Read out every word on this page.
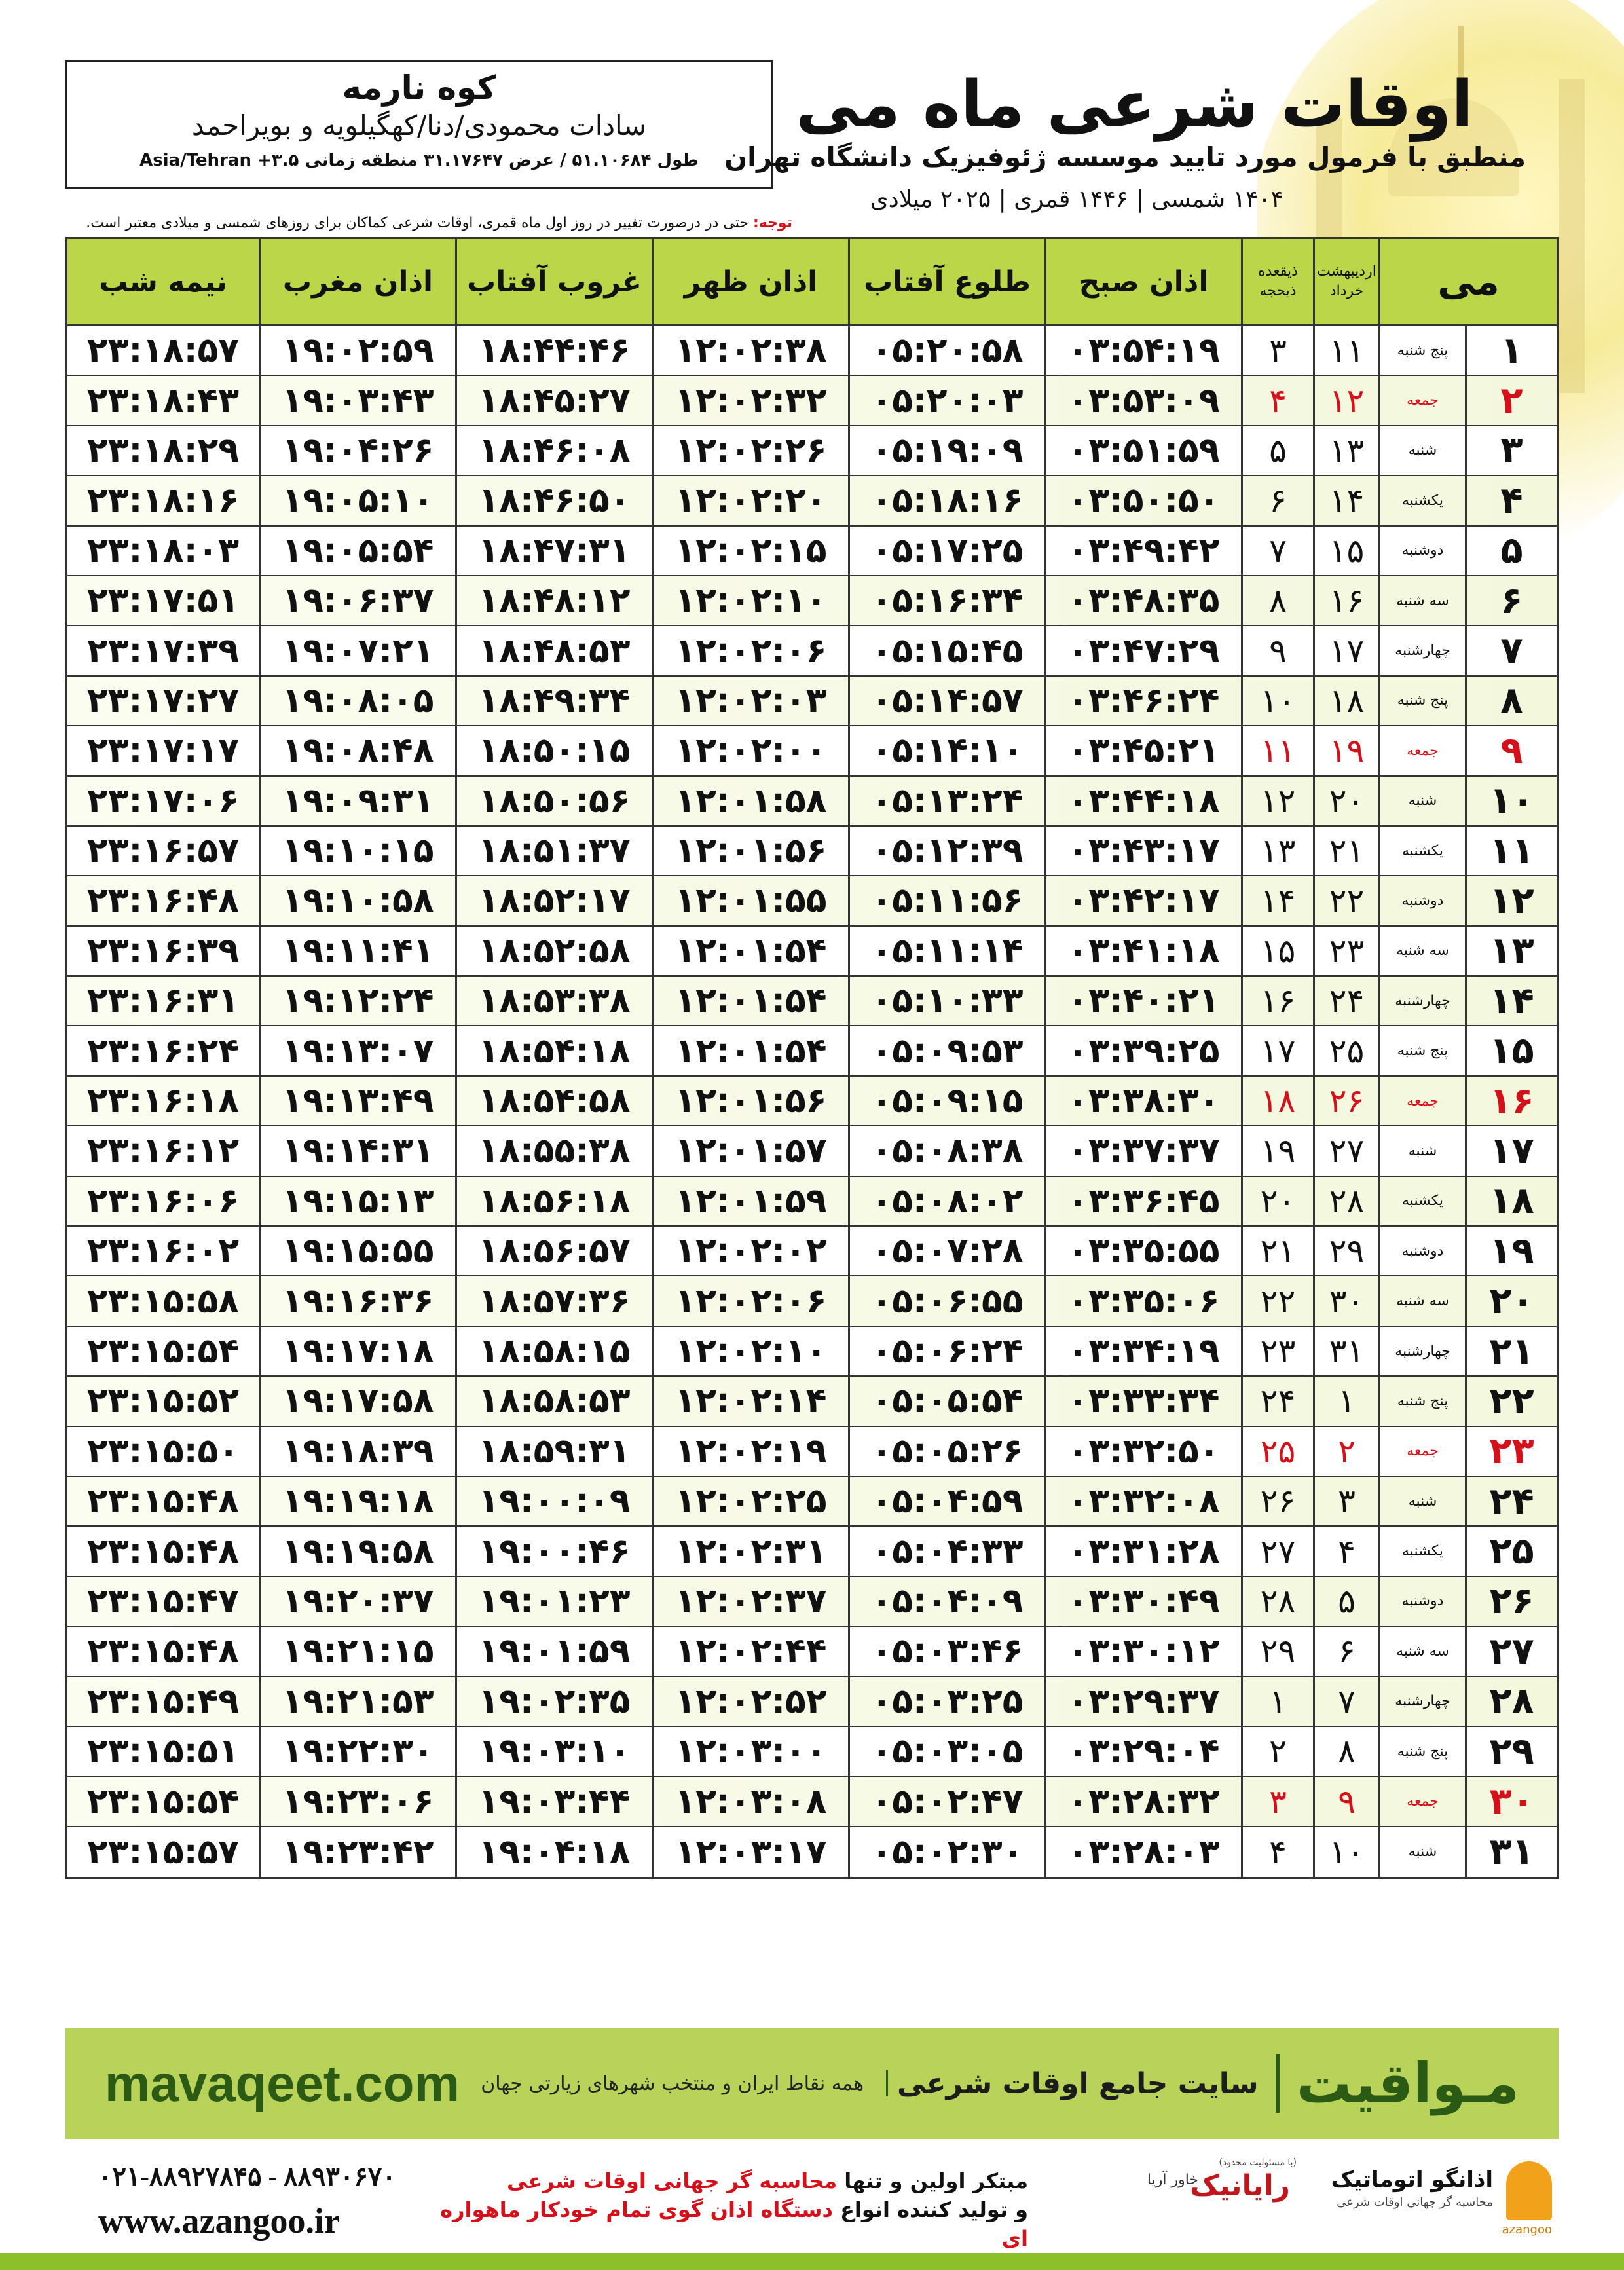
کوه نارمه
سادات محمودی/دنا/کهگیلویه و بویراحمد
طول ۵۱.۱۰۶۸۴ / عرض ۳۱.۱۷۶۴۷ منطقه زمانی Asia/Tehran +۳.۵
اوقات شرعی ماه می
منطبق با فرمول مورد تایید موسسه ژئوفیزیک دانشگاه تهران
۱۴۰۴ شمسی | ۱۴۴۶ قمری | ۲۰۲۵ میلادی
توجه: حتی در درصورت تغییر در روز اول ماه قمری، اوقات شرعی کماکان برای روزهای شمسی و میلادی معتبر است.
می
اردیبهشت
خرداد
ذیقعده
ذیحجه
اذان صبح
طلوع آفتاب
اذان ظهر
غروب آفتاب
اذان مغرب
نیمه شب
۱
پنج شنبه
۱۱
۳
۰۳:۵۴:۱۹
۰۵:۲۰:۵۸
۱۲:۰۲:۳۸
۱۸:۴۴:۴۶
۱۹:۰۲:۵۹
۲۳:۱۸:۵۷
۲
جمعه
۱۲
۴
۰۳:۵۳:۰۹
۰۵:۲۰:۰۳
۱۲:۰۲:۳۲
۱۸:۴۵:۲۷
۱۹:۰۳:۴۳
۲۳:۱۸:۴۳
۳
شنبه
۱۳
۵
۰۳:۵۱:۵۹
۰۵:۱۹:۰۹
۱۲:۰۲:۲۶
۱۸:۴۶:۰۸
۱۹:۰۴:۲۶
۲۳:۱۸:۲۹
۴
یکشنبه
۱۴
۶
۰۳:۵۰:۵۰
۰۵:۱۸:۱۶
۱۲:۰۲:۲۰
۱۸:۴۶:۵۰
۱۹:۰۵:۱۰
۲۳:۱۸:۱۶
۵
دوشنبه
۱۵
۷
۰۳:۴۹:۴۲
۰۵:۱۷:۲۵
۱۲:۰۲:۱۵
۱۸:۴۷:۳۱
۱۹:۰۵:۵۴
۲۳:۱۸:۰۳
۶
سه شنبه
۱۶
۸
۰۳:۴۸:۳۵
۰۵:۱۶:۳۴
۱۲:۰۲:۱۰
۱۸:۴۸:۱۲
۱۹:۰۶:۳۷
۲۳:۱۷:۵۱
۷
چهارشنبه
۱۷
۹
۰۳:۴۷:۲۹
۰۵:۱۵:۴۵
۱۲:۰۲:۰۶
۱۸:۴۸:۵۳
۱۹:۰۷:۲۱
۲۳:۱۷:۳۹
۸
پنج شنبه
۱۸
۱۰
۰۳:۴۶:۲۴
۰۵:۱۴:۵۷
۱۲:۰۲:۰۳
۱۸:۴۹:۳۴
۱۹:۰۸:۰۵
۲۳:۱۷:۲۷
۹
جمعه
۱۹
۱۱
۰۳:۴۵:۲۱
۰۵:۱۴:۱۰
۱۲:۰۲:۰۰
۱۸:۵۰:۱۵
۱۹:۰۸:۴۸
۲۳:۱۷:۱۷
۱۰
شنبه
۲۰
۱۲
۰۳:۴۴:۱۸
۰۵:۱۳:۲۴
۱۲:۰۱:۵۸
۱۸:۵۰:۵۶
۱۹:۰۹:۳۱
۲۳:۱۷:۰۶
۱۱
یکشنبه
۲۱
۱۳
۰۳:۴۳:۱۷
۰۵:۱۲:۳۹
۱۲:۰۱:۵۶
۱۸:۵۱:۳۷
۱۹:۱۰:۱۵
۲۳:۱۶:۵۷
۱۲
دوشنبه
۲۲
۱۴
۰۳:۴۲:۱۷
۰۵:۱۱:۵۶
۱۲:۰۱:۵۵
۱۸:۵۲:۱۷
۱۹:۱۰:۵۸
۲۳:۱۶:۴۸
۱۳
سه شنبه
۲۳
۱۵
۰۳:۴۱:۱۸
۰۵:۱۱:۱۴
۱۲:۰۱:۵۴
۱۸:۵۲:۵۸
۱۹:۱۱:۴۱
۲۳:۱۶:۳۹
۱۴
چهارشنبه
۲۴
۱۶
۰۳:۴۰:۲۱
۰۵:۱۰:۳۳
۱۲:۰۱:۵۴
۱۸:۵۳:۳۸
۱۹:۱۲:۲۴
۲۳:۱۶:۳۱
۱۵
پنج شنبه
۲۵
۱۷
۰۳:۳۹:۲۵
۰۵:۰۹:۵۳
۱۲:۰۱:۵۴
۱۸:۵۴:۱۸
۱۹:۱۳:۰۷
۲۳:۱۶:۲۴
۱۶
جمعه
۲۶
۱۸
۰۳:۳۸:۳۰
۰۵:۰۹:۱۵
۱۲:۰۱:۵۶
۱۸:۵۴:۵۸
۱۹:۱۳:۴۹
۲۳:۱۶:۱۸
۱۷
شنبه
۲۷
۱۹
۰۳:۳۷:۳۷
۰۵:۰۸:۳۸
۱۲:۰۱:۵۷
۱۸:۵۵:۳۸
۱۹:۱۴:۳۱
۲۳:۱۶:۱۲
۱۸
یکشنبه
۲۸
۲۰
۰۳:۳۶:۴۵
۰۵:۰۸:۰۲
۱۲:۰۱:۵۹
۱۸:۵۶:۱۸
۱۹:۱۵:۱۳
۲۳:۱۶:۰۶
۱۹
دوشنبه
۲۹
۲۱
۰۳:۳۵:۵۵
۰۵:۰۷:۲۸
۱۲:۰۲:۰۲
۱۸:۵۶:۵۷
۱۹:۱۵:۵۵
۲۳:۱۶:۰۲
۲۰
سه شنبه
۳۰
۲۲
۰۳:۳۵:۰۶
۰۵:۰۶:۵۵
۱۲:۰۲:۰۶
۱۸:۵۷:۳۶
۱۹:۱۶:۳۶
۲۳:۱۵:۵۸
۲۱
چهارشنبه
۳۱
۲۳
۰۳:۳۴:۱۹
۰۵:۰۶:۲۴
۱۲:۰۲:۱۰
۱۸:۵۸:۱۵
۱۹:۱۷:۱۸
۲۳:۱۵:۵۴
۲۲
پنج شنبه
۱
۲۴
۰۳:۳۳:۳۴
۰۵:۰۵:۵۴
۱۲:۰۲:۱۴
۱۸:۵۸:۵۳
۱۹:۱۷:۵۸
۲۳:۱۵:۵۲
۲۳
جمعه
۲
۲۵
۰۳:۳۲:۵۰
۰۵:۰۵:۲۶
۱۲:۰۲:۱۹
۱۸:۵۹:۳۱
۱۹:۱۸:۳۹
۲۳:۱۵:۵۰
۲۴
شنبه
۳
۲۶
۰۳:۳۲:۰۸
۰۵:۰۴:۵۹
۱۲:۰۲:۲۵
۱۹:۰۰:۰۹
۱۹:۱۹:۱۸
۲۳:۱۵:۴۸
۲۵
یکشنبه
۴
۲۷
۰۳:۳۱:۲۸
۰۵:۰۴:۳۳
۱۲:۰۲:۳۱
۱۹:۰۰:۴۶
۱۹:۱۹:۵۸
۲۳:۱۵:۴۸
۲۶
دوشنبه
۵
۲۸
۰۳:۳۰:۴۹
۰۵:۰۴:۰۹
۱۲:۰۲:۳۷
۱۹:۰۱:۲۳
۱۹:۲۰:۳۷
۲۳:۱۵:۴۷
۲۷
سه شنبه
۶
۲۹
۰۳:۳۰:۱۲
۰۵:۰۳:۴۶
۱۲:۰۲:۴۴
۱۹:۰۱:۵۹
۱۹:۲۱:۱۵
۲۳:۱۵:۴۸
۲۸
چهارشنبه
۷
۱
۰۳:۲۹:۳۷
۰۵:۰۳:۲۵
۱۲:۰۲:۵۲
۱۹:۰۲:۳۵
۱۹:۲۱:۵۳
۲۳:۱۵:۴۹
۲۹
پنج شنبه
۸
۲
۰۳:۲۹:۰۴
۰۵:۰۳:۰۵
۱۲:۰۳:۰۰
۱۹:۰۳:۱۰
۱۹:۲۲:۳۰
۲۳:۱۵:۵۱
۳۰
جمعه
۹
۳
۰۳:۲۸:۳۲
۰۵:۰۲:۴۷
۱۲:۰۳:۰۸
۱۹:۰۳:۴۴
۱۹:۲۳:۰۶
۲۳:۱۵:۵۴
۳۱
شنبه
۱۰
۴
۰۳:۲۸:۰۳
۰۵:۰۲:۳۰
۱۲:۰۳:۱۷
۱۹:۰۴:۱۸
۱۹:۲۳:۴۲
۲۳:۱۵:۵۷
mavaqeet.com	مـواقیت
سایت جامع اوقات شرعی
همه نقاط ایران و منتخب شهرهای زیارتی جهان
۰۲۱-۸۸۹۲۷۸۴۵ - ۸۸۹۳۰۶۷۰
www.azangoo.ir
مبتکر اولین و تنها محاسبه گر جهانی اوقات شرعی
و تولید کننده انواع دستگاه اذان گوی تمام خودکار ماهواره ای
اذانگو اتوماتیک
محاسبه گر جهانی اوقات شرعی
azangoo
(با مسئولیت محدود)
رایانیک
خاور آریا
